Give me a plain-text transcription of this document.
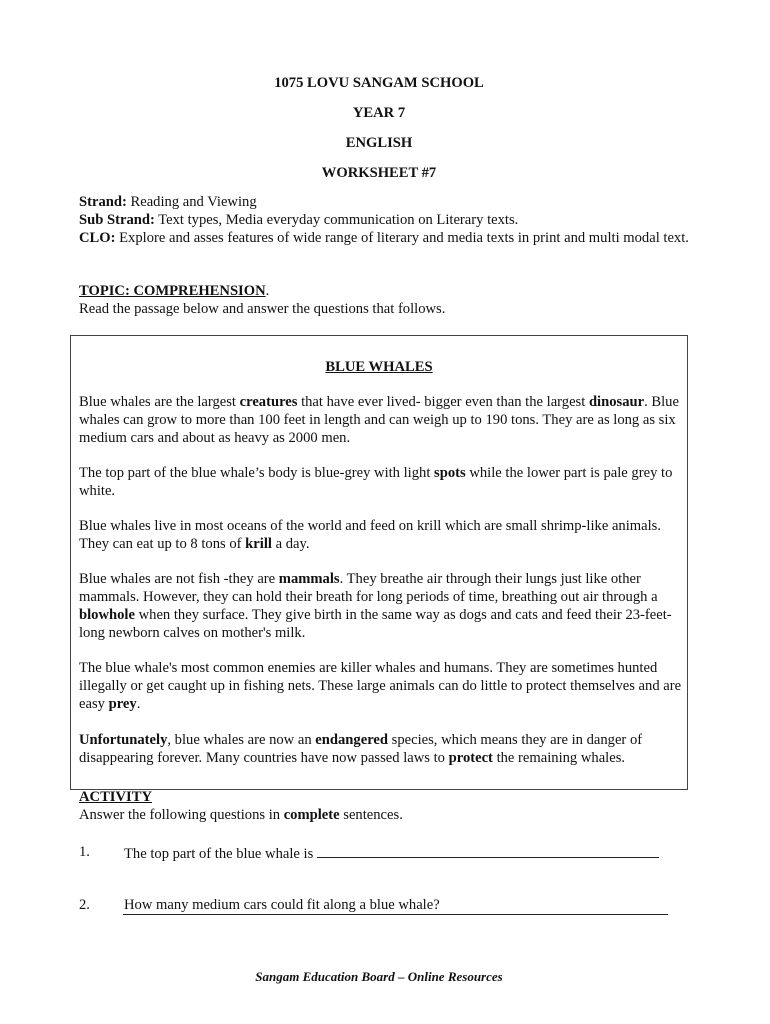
1075 LOVU SANGAM SCHOOL
YEAR 7
ENGLISH
WORKSHEET #7

Strand: Reading and Viewing

Sub Strand: Text types, Media everyday communication on Literary texts.

CLO: Explore and asses features of wide range of literary and media texts in print and multi modal text.

TOPIC: COMPREHENSION.

Read the passage below and answer the questions that follows.

BLUE WHALES

Blue whales are the largest creatures that have ever lived- bigger even than the largest dinosaur. Blue whales can grow to more than 100 feet in length and can weigh up to 190 tons. They are as long as six medium cars and about as heavy as 2000 men.

The top part of the blue whale’s body is blue-grey with light spots while the lower part is pale grey to white.

Blue whales live in most oceans of the world and feed on krill which are small shrimp-like animals. They can eat up to 8 tons of krill a day.

Blue whales are not fish -they are mammals. They breathe air through their lungs just like other mammals. However, they can hold their breath for long periods of time, breathing out air through a blowhole when they surface. They give birth in the same way as dogs and cats and feed their 23-feet-long newborn calves on mother's milk.

The blue whale's most common enemies are killer whales and humans. They are sometimes hunted illegally or get caught up in fishing nets. These large animals can do little to protect themselves and are easy prey.

Unfortunately, blue whales are now an endangered species, which means they are in danger of disappearing forever. Many countries have now passed laws to protect the remaining whales.

ACTIVITY

Answer the following questions in complete sentences.

1. The top part of the blue whale is
2. How many medium cars could fit along a blue whale?
Sangam Education Board – Online Resources
